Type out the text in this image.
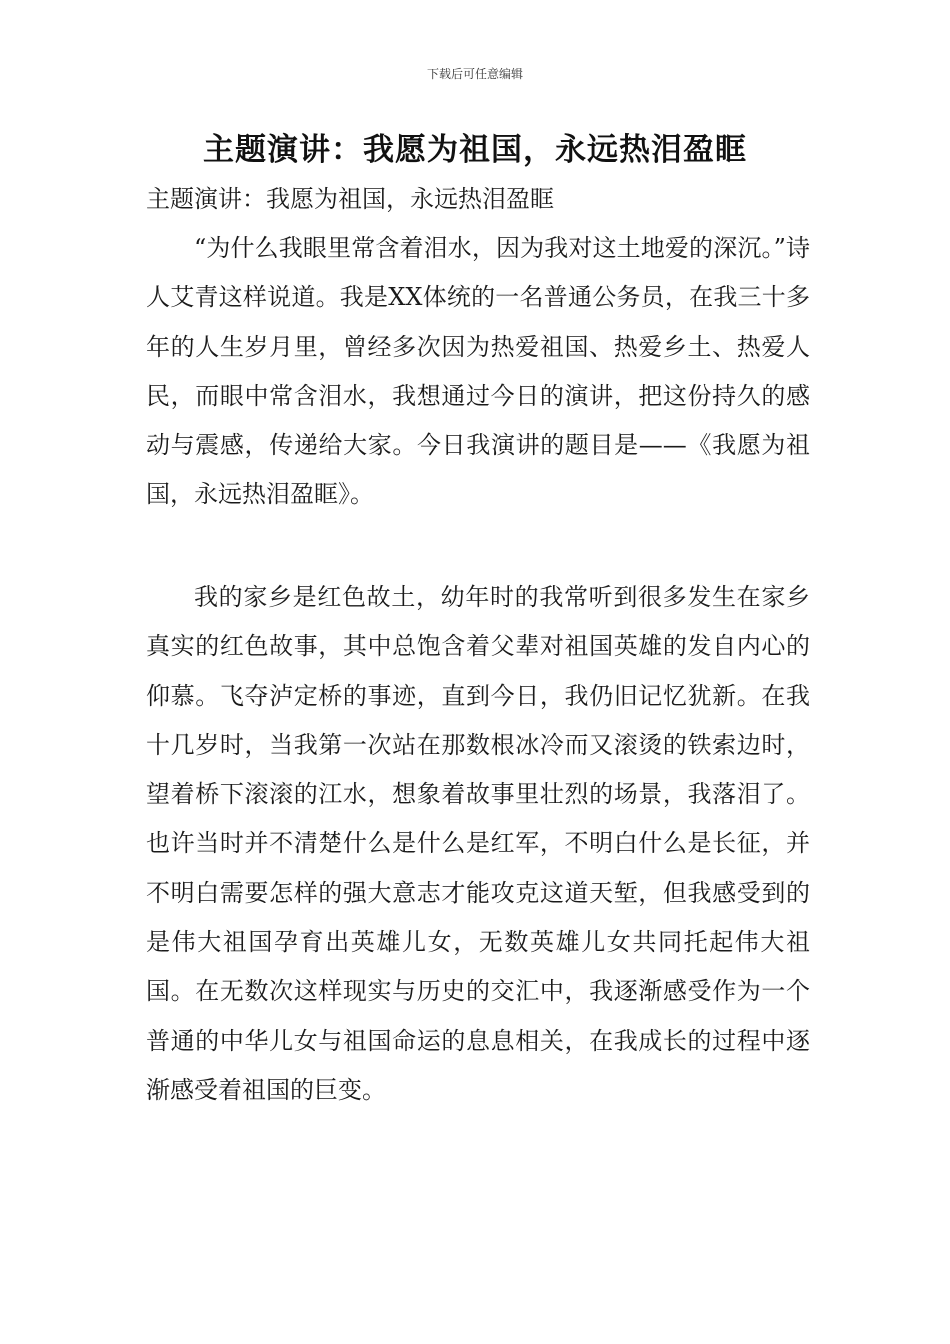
下载后可任意编辑
主题演讲：我愿为祖国，永远热泪盈眶
主题演讲：我愿为祖国，永远热泪盈眶
“为什么我眼里常含着泪水，因为我对这土地爱的深沉。”诗人艾青这样说道。我是XX体统的一名普通公务员，在我三十多年的人生岁月里，曾经多次因为热爱祖国、热爱乡土、热爱人民，而眼中常含泪水，我想通过今日的演讲，把这份持久的感动与震感，传递给大家。今日我演讲的题目是——《我愿为祖国，永远热泪盈眶》。
我的家乡是红色故土，幼年时的我常听到很多发生在家乡真实的红色故事，其中总饱含着父辈对祖国英雄的发自内心的仰慕。飞夺泸定桥的事迹，直到今日，我仍旧记忆犹新。在我十几岁时，当我第一次站在那数根冰冷而又滚烫的铁索边时，望着桥下滚滚的江水，想象着故事里壮烈的场景，我落泪了。也许当时并不清楚什么是什么是红军，不明白什么是长征，并不明白需要怎样的强大意志才能攻克这道天堑，但我感受到的是伟大祖国孕育出英雄儿女，无数英雄儿女共同托起伟大祖国。在无数次这样现实与历史的交汇中，我逐渐感受作为一个普通的中华儿女与祖国命运的息息相关，在我成长的过程中逐渐感受着祖国的巨变。
